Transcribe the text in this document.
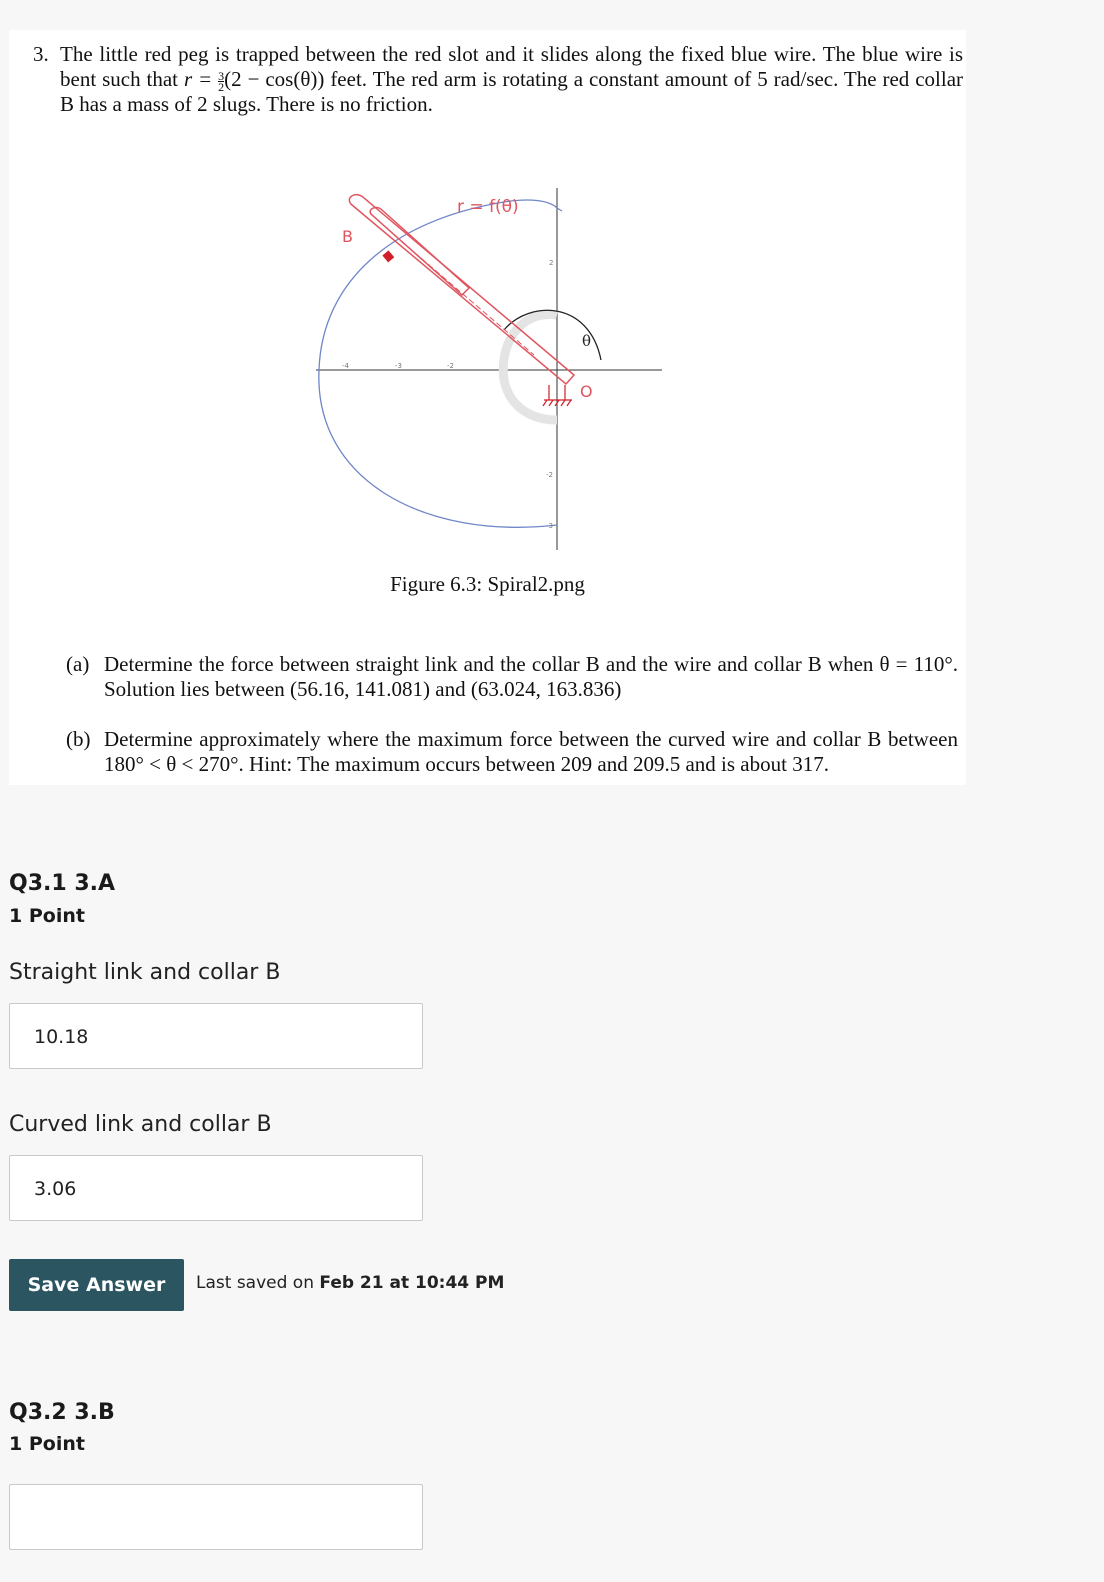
3. The little red peg is trapped between the red slot and it slides along the fixed blue wire. The blue wire is bent such that $r = \frac{3}{2} (2 - \cos(\theta))$ feet. The red arm is rotating a constant amount of 5 rad/sec. The red collar B has a mass of 2 slugs. There is no friction.
r = f(θ)
B
θ
O
-4	-3	-2
2
-2
-3
Figure 6.3: Spiral2.png
(a) Determine the force between straight link and the collar B and the wire and collar B when θ = 110°. Solution lies between (56.16, 141.081) and (63.024, 163.836)
(b) Determine approximately where the maximum force between the curved wire and collar B between 180° < θ < 270°. Hint: The maximum occurs between 209 and 209.5 and is about 317.
Q3.1 3.A
1 Point
Straight link and collar B
10.18
Curved link and collar B
3.06
Save Answer	Last saved on Feb 21 at 10:44 PM
Q3.2 3.B
1 Point
